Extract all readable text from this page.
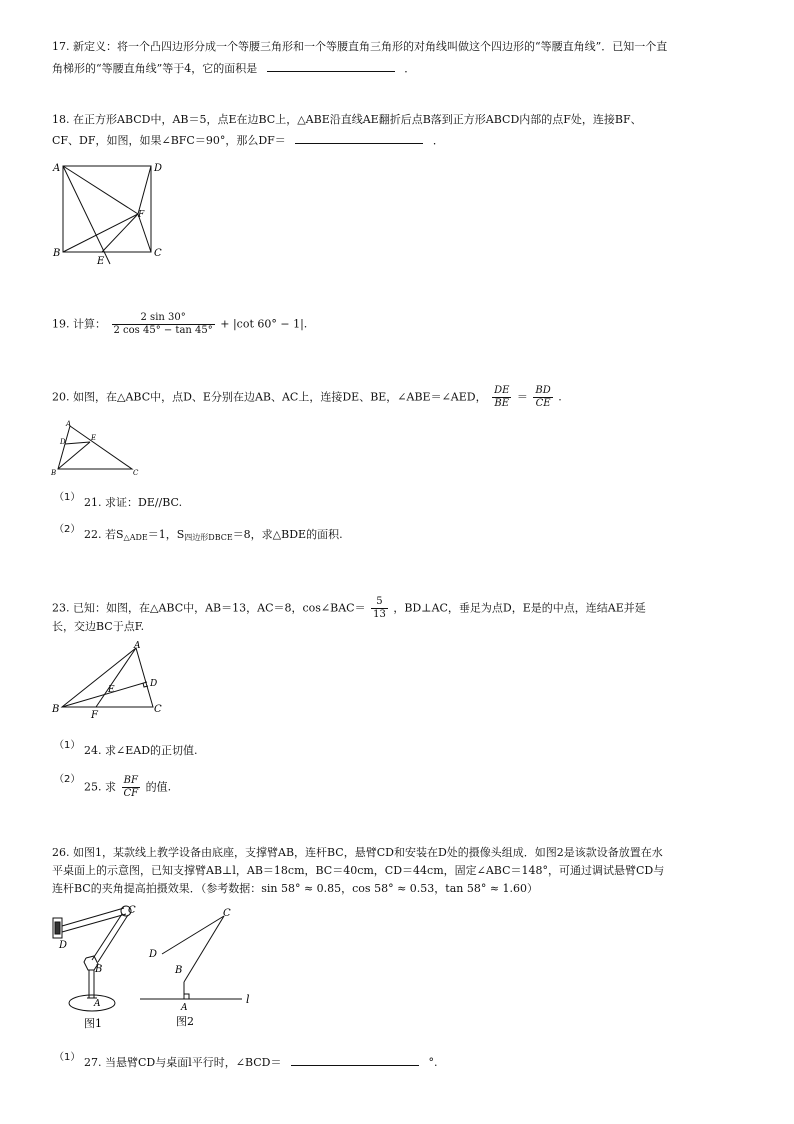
17. 新定义：将一个凸四边形分成一个等腰三角形和一个等腰直角三角形的对角线叫做这个四边形的“等腰直角线”．已知一个直
角梯形的“等腰直角线”等于4，它的面积是	．
18. 在正方形ABCD中，AB＝5，点E在边BC上，△ABE沿直线AE翻折后点B落到正方形ABCD内部的点F处，连接BF、
CF、DF，如图，如果∠BFC＝90°，那么DF＝	．
A	D
B	C
E
F
19. 计算： $\frac{2 \sin 30^\circ}{2 \cos 45^\circ - \tan 45^\circ} + |\cot$ 60° − 1|.
20. 如图，在△ABC中，点D、E分别在边AB、AC上，连接DE、BE，∠ABE＝∠AED， $\frac{DE}{BE} = \frac{BD}{CE}$ .
A
D	E
B	C
（1） 21. 求证：DE//BC.
（2） 22. 若$S_{\triangle ADE}=1$，$S_{四边形DBCE}=8$，求△BDE的面积.
23. 已知：如图，在△ABC中，AB＝13，AC＝8，cos∠BAC＝ $\frac{5}{13}$ ，BD⊥AC，垂足为点D，E是的中点，连结AE并延
长，交边BC于点F.
A
D
E
B	C
F
（1） 24. 求∠EAD的正切值.
（2）
25. 求 $\frac{BF}{CF}$ 的值.
26. 如图1，某款线上教学设备由底座，支撑臂AB，连杆BC，悬臂CD和安装在D处的摄像头组成．如图2是该款设备放置在水
平桌面上的示意图，已知支撑臂AB⊥l，AB＝18cm，BC＝40cm，CD＝44cm，固定∠ABC＝148°，可通过调试悬臂CD与
连杆BC的夹角提高拍摄效果．（参考数据：sin 58° ≈ 0.85，cos 58° ≈ 0.53，tan 58° ≈ 1.60）
C
D
B
A
图1
C
D
B
A
l
图2
（1） 27. 当悬臂CD与桌面l平行时，∠BCD＝	°.
